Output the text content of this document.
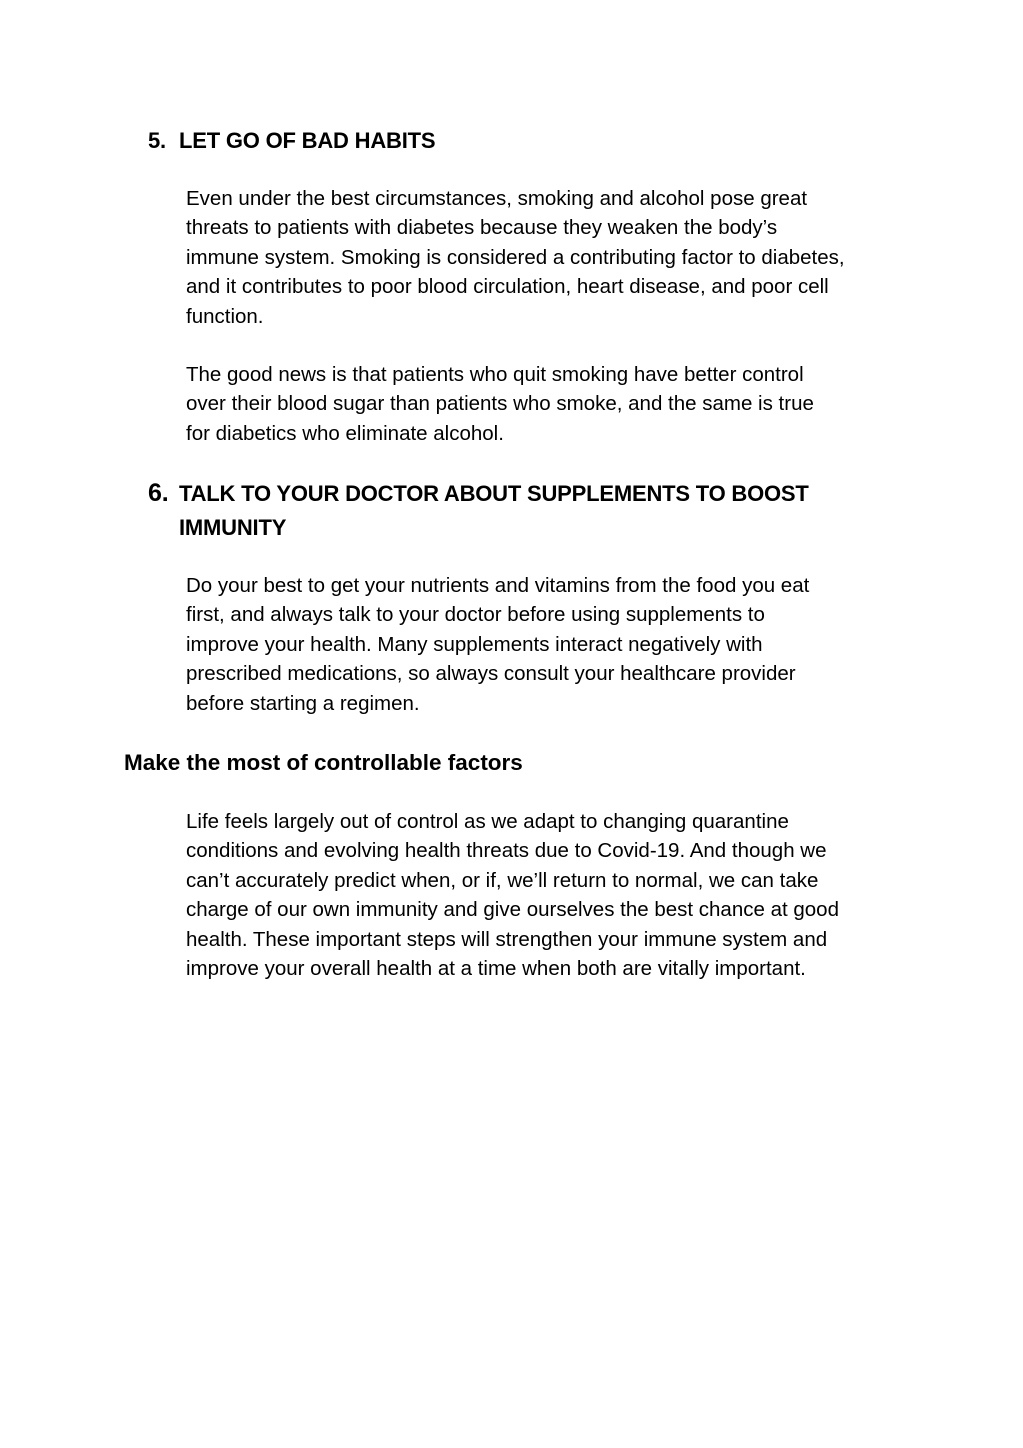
5. LET GO OF BAD HABITS
Even under the best circumstances, smoking and alcohol pose great
threats to patients with diabetes because they weaken the body’s
immune system. Smoking is considered a contributing factor to diabetes,
and it contributes to poor blood circulation, heart disease, and poor cell
function.
The good news is that patients who quit smoking have better control
over their blood sugar than patients who smoke, and the same is true
for diabetics who eliminate alcohol.
6. TALK TO YOUR DOCTOR ABOUT SUPPLEMENTS TO BOOST
IMMUNITY
Do your best to get your nutrients and vitamins from the food you eat
first, and always talk to your doctor before using supplements to
improve your health. Many supplements interact negatively with
prescribed medications, so always consult your healthcare provider
before starting a regimen.
Make the most of controllable factors
Life feels largely out of control as we adapt to changing quarantine
conditions and evolving health threats due to Covid-19. And though we
can’t accurately predict when, or if, we’ll return to normal, we can take
charge of our own immunity and give ourselves the best chance at good
health. These important steps will strengthen your immune system and
improve your overall health at a time when both are vitally important.
